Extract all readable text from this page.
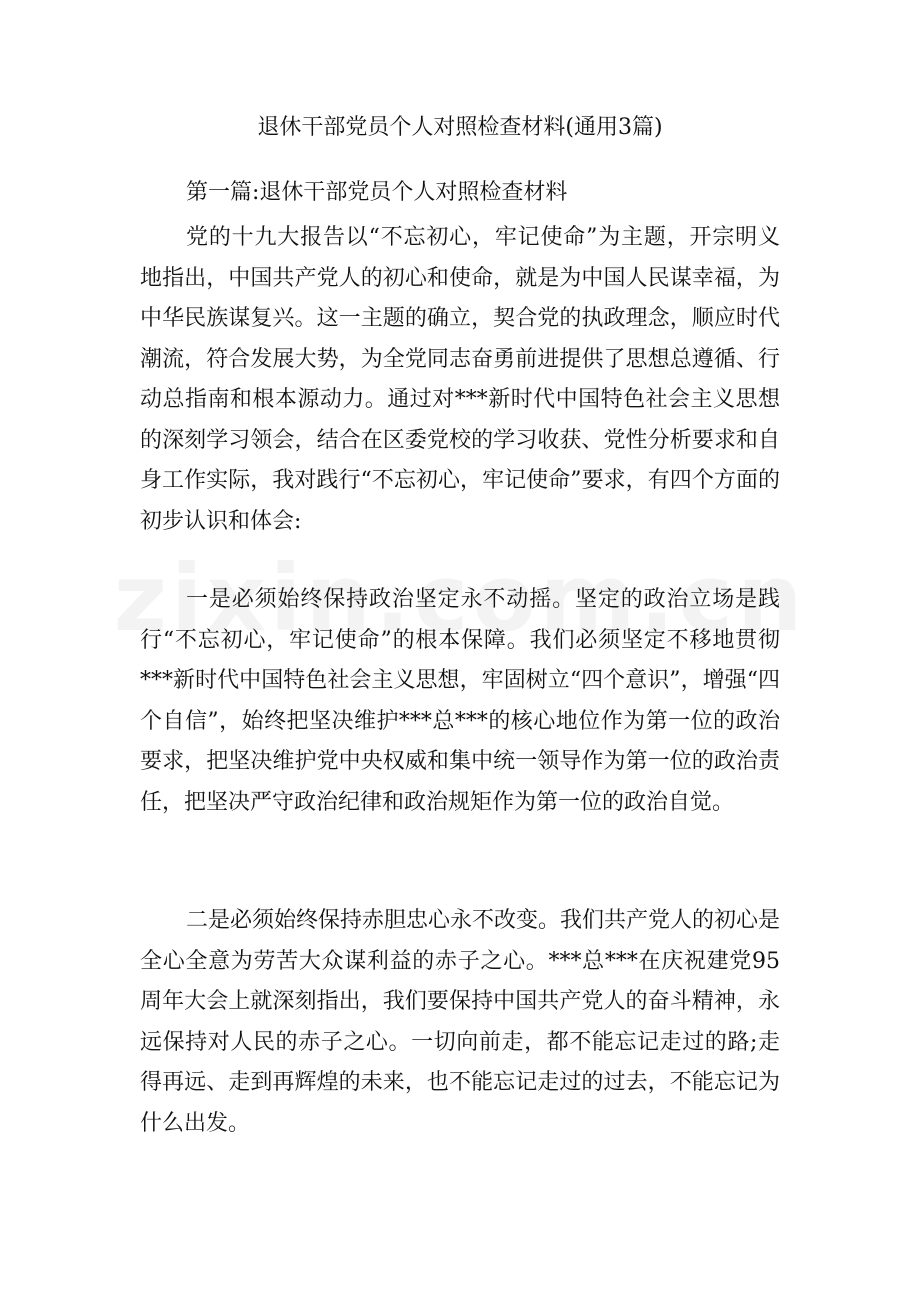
退休干部党员个人对照检查材料(通用3篇)
第一篇:退休干部党员个人对照检查材料

党的十九大报告以“不忘初心，牢记使命”为主题，开宗明义地指出，中国共产党人的初心和使命，就是为中国人民谋幸福，为中华民族谋复兴。这一主题的确立，契合党的执政理念，顺应时代潮流，符合发展大势，为全党同志奋勇前进提供了思想总遵循、行动总指南和根本源动力。通过对***新时代中国特色社会主义思想的深刻学习领会，结合在区委党校的学习收获、党性分析要求和自身工作实际，我对践行“不忘初心，牢记使命”要求，有四个方面的初步认识和体会:

一是必须始终保持政治坚定永不动摇。坚定的政治立场是践行“不忘初心，牢记使命”的根本保障。我们必须坚定不移地贯彻***新时代中国特色社会主义思想，牢固树立“四个意识”，增强“四个自信”，始终把坚决维护***总***的核心地位作为第一位的政治要求，把坚决维护党中央权威和集中统一领导作为第一位的政治责任，把坚决严守政治纪律和政治规矩作为第一位的政治自觉。

二是必须始终保持赤胆忠心永不改变。我们共产党人的初心是全心全意为劳苦大众谋利益的赤子之心。***总***在庆祝建党95周年大会上就深刻指出，我们要保持中国共产党人的奋斗精神，永远保持对人民的赤子之心。一切向前走，都不能忘记走过的路;走得再远、走到再辉煌的未来，也不能忘记走过的过去，不能忘记为什么出发。
